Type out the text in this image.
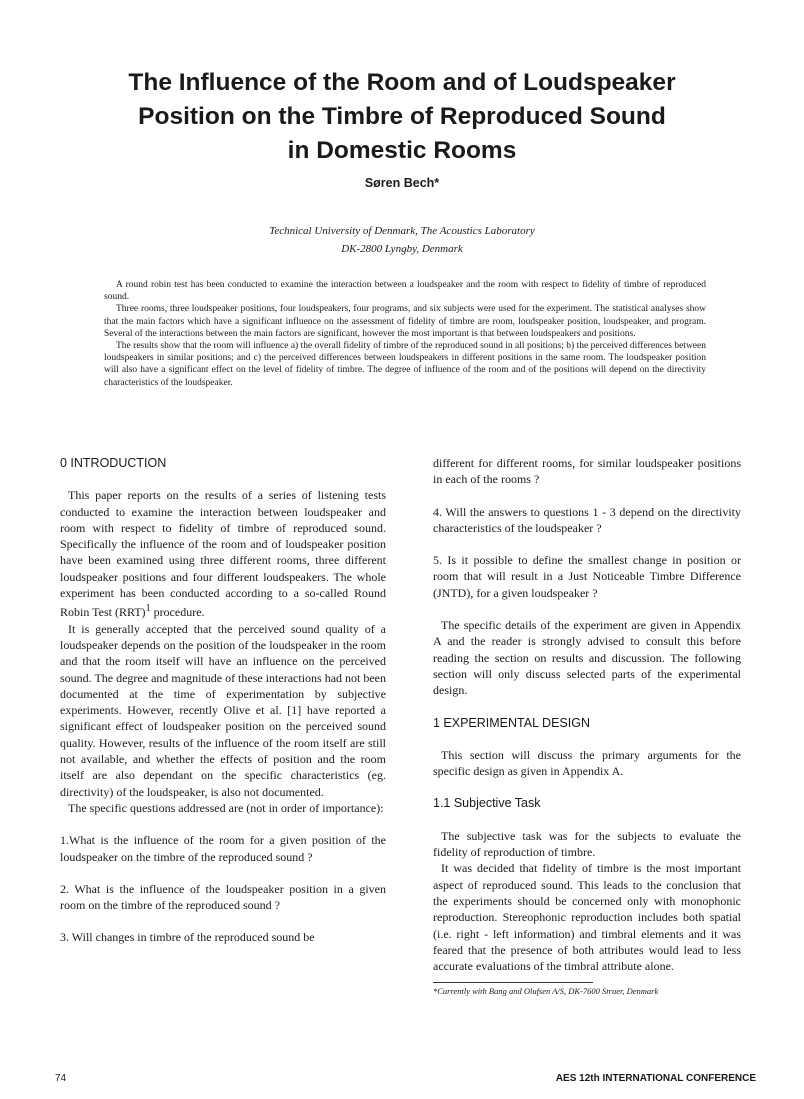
The Influence of the Room and of Loudspeaker
Position on the Timbre of Reproduced Sound
in Domestic Rooms
Søren Bech*
Technical University of Denmark, The Acoustics Laboratory
DK-2800 Lyngby, Denmark

A round robin test has been conducted to examine the interaction between a loudspeaker and the room with respect to fidelity of timbre of reproduced sound.

Three rooms, three loudspeaker positions, four loudspeakers, four programs, and six subjects were used for the experiment. The statistical analyses show that the main factors which have a significant influence on the assessment of fidelity of timbre are room, loudspeaker position, loudspeaker, and program. Several of the interactions between the main factors are significant, however the most important is that between loudspeakers and positions.

The results show that the room will influence a) the overall fidelity of timbre of the reproduced sound in all positions; b) the perceived differences between loudspeakers in similar positions; and c) the perceived differences between loudspeakers in different positions in the same room. The loudspeaker position will also have a significant effect on the level of fidelity of timbre. The degree of influence of the room and of the positions will depend on the directivity characteristics of the loudspeaker.

0 INTRODUCTION

This paper reports on the results of a series of listening tests conducted to examine the interaction between loudspeaker and room with respect to fidelity of timbre of reproduced sound. Specifically the influence of the room and of loudspeaker position have been examined using three different rooms, three different loudspeaker positions and four different loudspeakers. The whole experiment has been conducted according to a so-called Round Robin Test (RRT)$^1$ procedure.

It is generally accepted that the perceived sound quality of a loudspeaker depends on the position of the loudspeaker in the room and that the room itself will have an influence on the perceived sound. The degree and magnitude of these interactions had not been documented at the time of experimentation by subjective experiments. However, recently Olive et al. [1] have reported a significant effect of loudspeaker position on the perceived sound quality. However, results of the influence of the room itself are still not available, and whether the effects of position and the room itself are also dependant on the specific characteristics (eg. directivity) of the loudspeaker, is also not documented.

The specific questions addressed are (not in order of importance):

1.What is the influence of the room for a given position of the loudspeaker on the timbre of the reproduced sound ?

2. What is the influence of the loudspeaker position in a given room on the timbre of the reproduced sound ?

3. Will changes in timbre of the reproduced sound be

different for different rooms, for similar loudspeaker positions in each of the rooms ?

4. Will the answers to questions 1 - 3 depend on the directivity characteristics of the loudspeaker ?

5. Is it possible to define the smallest change in position or room that will result in a Just Noticeable Timbre Difference (JNTD), for a given loudspeaker ?

The specific details of the experiment are given in Appendix A and the reader is strongly advised to consult this before reading the section on results and discussion. The following section will only discuss selected parts of the experimental design.

1 EXPERIMENTAL DESIGN

This section will discuss the primary arguments for the specific design as given in Appendix A.

1.1 Subjective Task

The subjective task was for the subjects to evaluate the fidelity of reproduction of timbre.

It was decided that fidelity of timbre is the most important aspect of reproduced sound. This leads to the conclusion that the experiments should be concerned only with monophonic reproduction. Stereophonic reproduction includes both spatial (i.e. right - left information) and timbral elements and it was feared that the presence of both attributes would lead to less accurate evaluations of the timbral attribute alone.

*Currently with Bang and Olufsen A/S, DK-7600 Struer, Denmark
74	AES 12th INTERNATIONAL CONFERENCE
